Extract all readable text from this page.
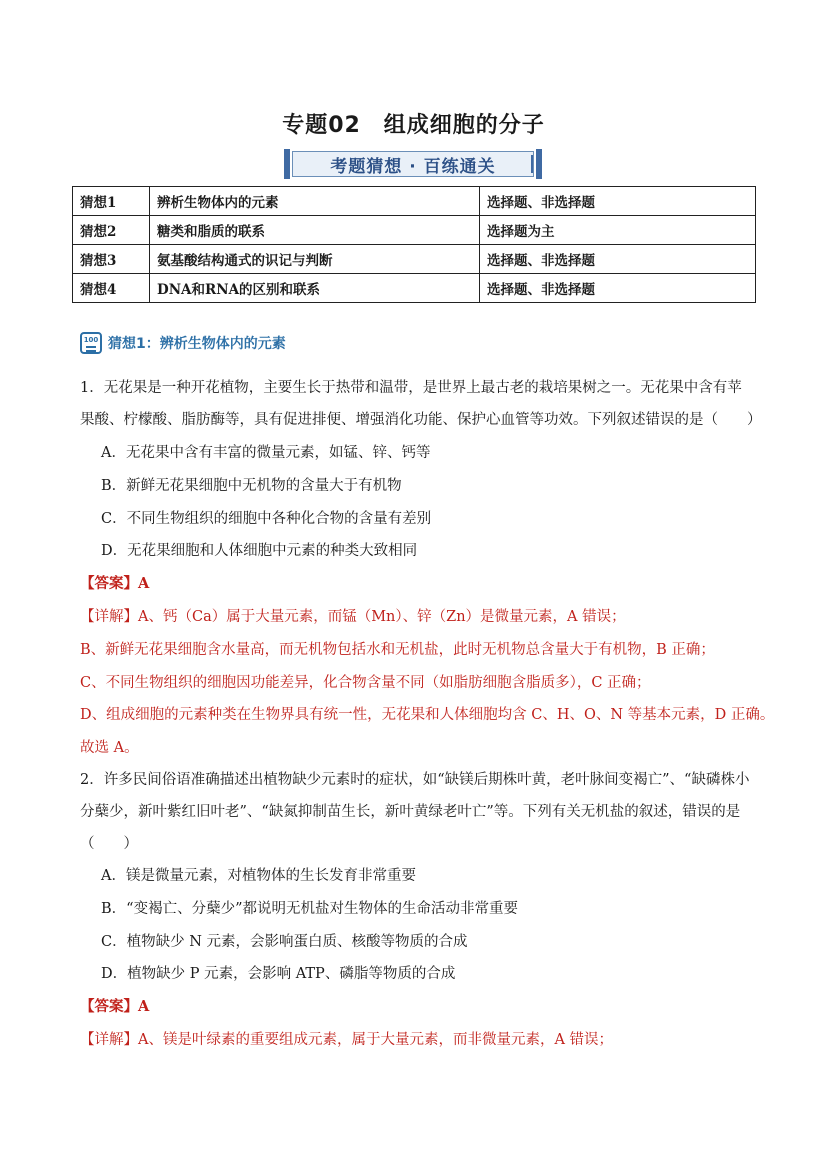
专题02　组成细胞的分子
考题猜想 · 百练通关
猜想1	辨析生物体内的元素	选择题、非选择题
猜想2	糖类和脂质的联系	选择题为主
猜想3	氨基酸结构通式的识记与判断	选择题、非选择题
猜想4	DNA和RNA的区别和联系	选择题、非选择题
100 猜想1：辨析生物体内的元素
1．无花果是一种开花植物，主要生长于热带和温带，是世界上最古老的栽培果树之一。无花果中含有苹
果酸、柠檬酸、脂肪酶等，具有促进排便、增强消化功能、保护心血管等功效。下列叙述错误的是（　　）
A．无花果中含有丰富的微量元素，如锰、锌、钙等
B．新鲜无花果细胞中无机物的含量大于有机物
C．不同生物组织的细胞中各种化合物的含量有差别
D．无花果细胞和人体细胞中元素的种类大致相同
【答案】A
【详解】A、钙（Ca）属于大量元素，而锰（Mn）、锌（Zn）是微量元素，A 错误；
B、新鲜无花果细胞含水量高，而无机物包括水和无机盐，此时无机物总含量大于有机物，B 正确；
C、不同生物组织的细胞因功能差异，化合物含量不同（如脂肪细胞含脂质多），C 正确；
D、组成细胞的元素种类在生物界具有统一性，无花果和人体细胞均含 C、H、O、N 等基本元素，D 正确。
故选 A。
2．许多民间俗语准确描述出植物缺少元素时的症状，如“缺镁后期株叶黄，老叶脉间变褐亡”、“缺磷株小
分蘖少，新叶紫红旧叶老”、“缺氮抑制苗生长，新叶黄绿老叶亡”等。下列有关无机盐的叙述，错误的是
（　　）
A．镁是微量元素，对植物体的生长发育非常重要
B．“变褐亡、分蘖少”都说明无机盐对生物体的生命活动非常重要
C．植物缺少 N 元素，会影响蛋白质、核酸等物质的合成
D．植物缺少 P 元素，会影响 ATP、磷脂等物质的合成
【答案】A
【详解】A、镁是叶绿素的重要组成元素，属于大量元素，而非微量元素，A 错误；
